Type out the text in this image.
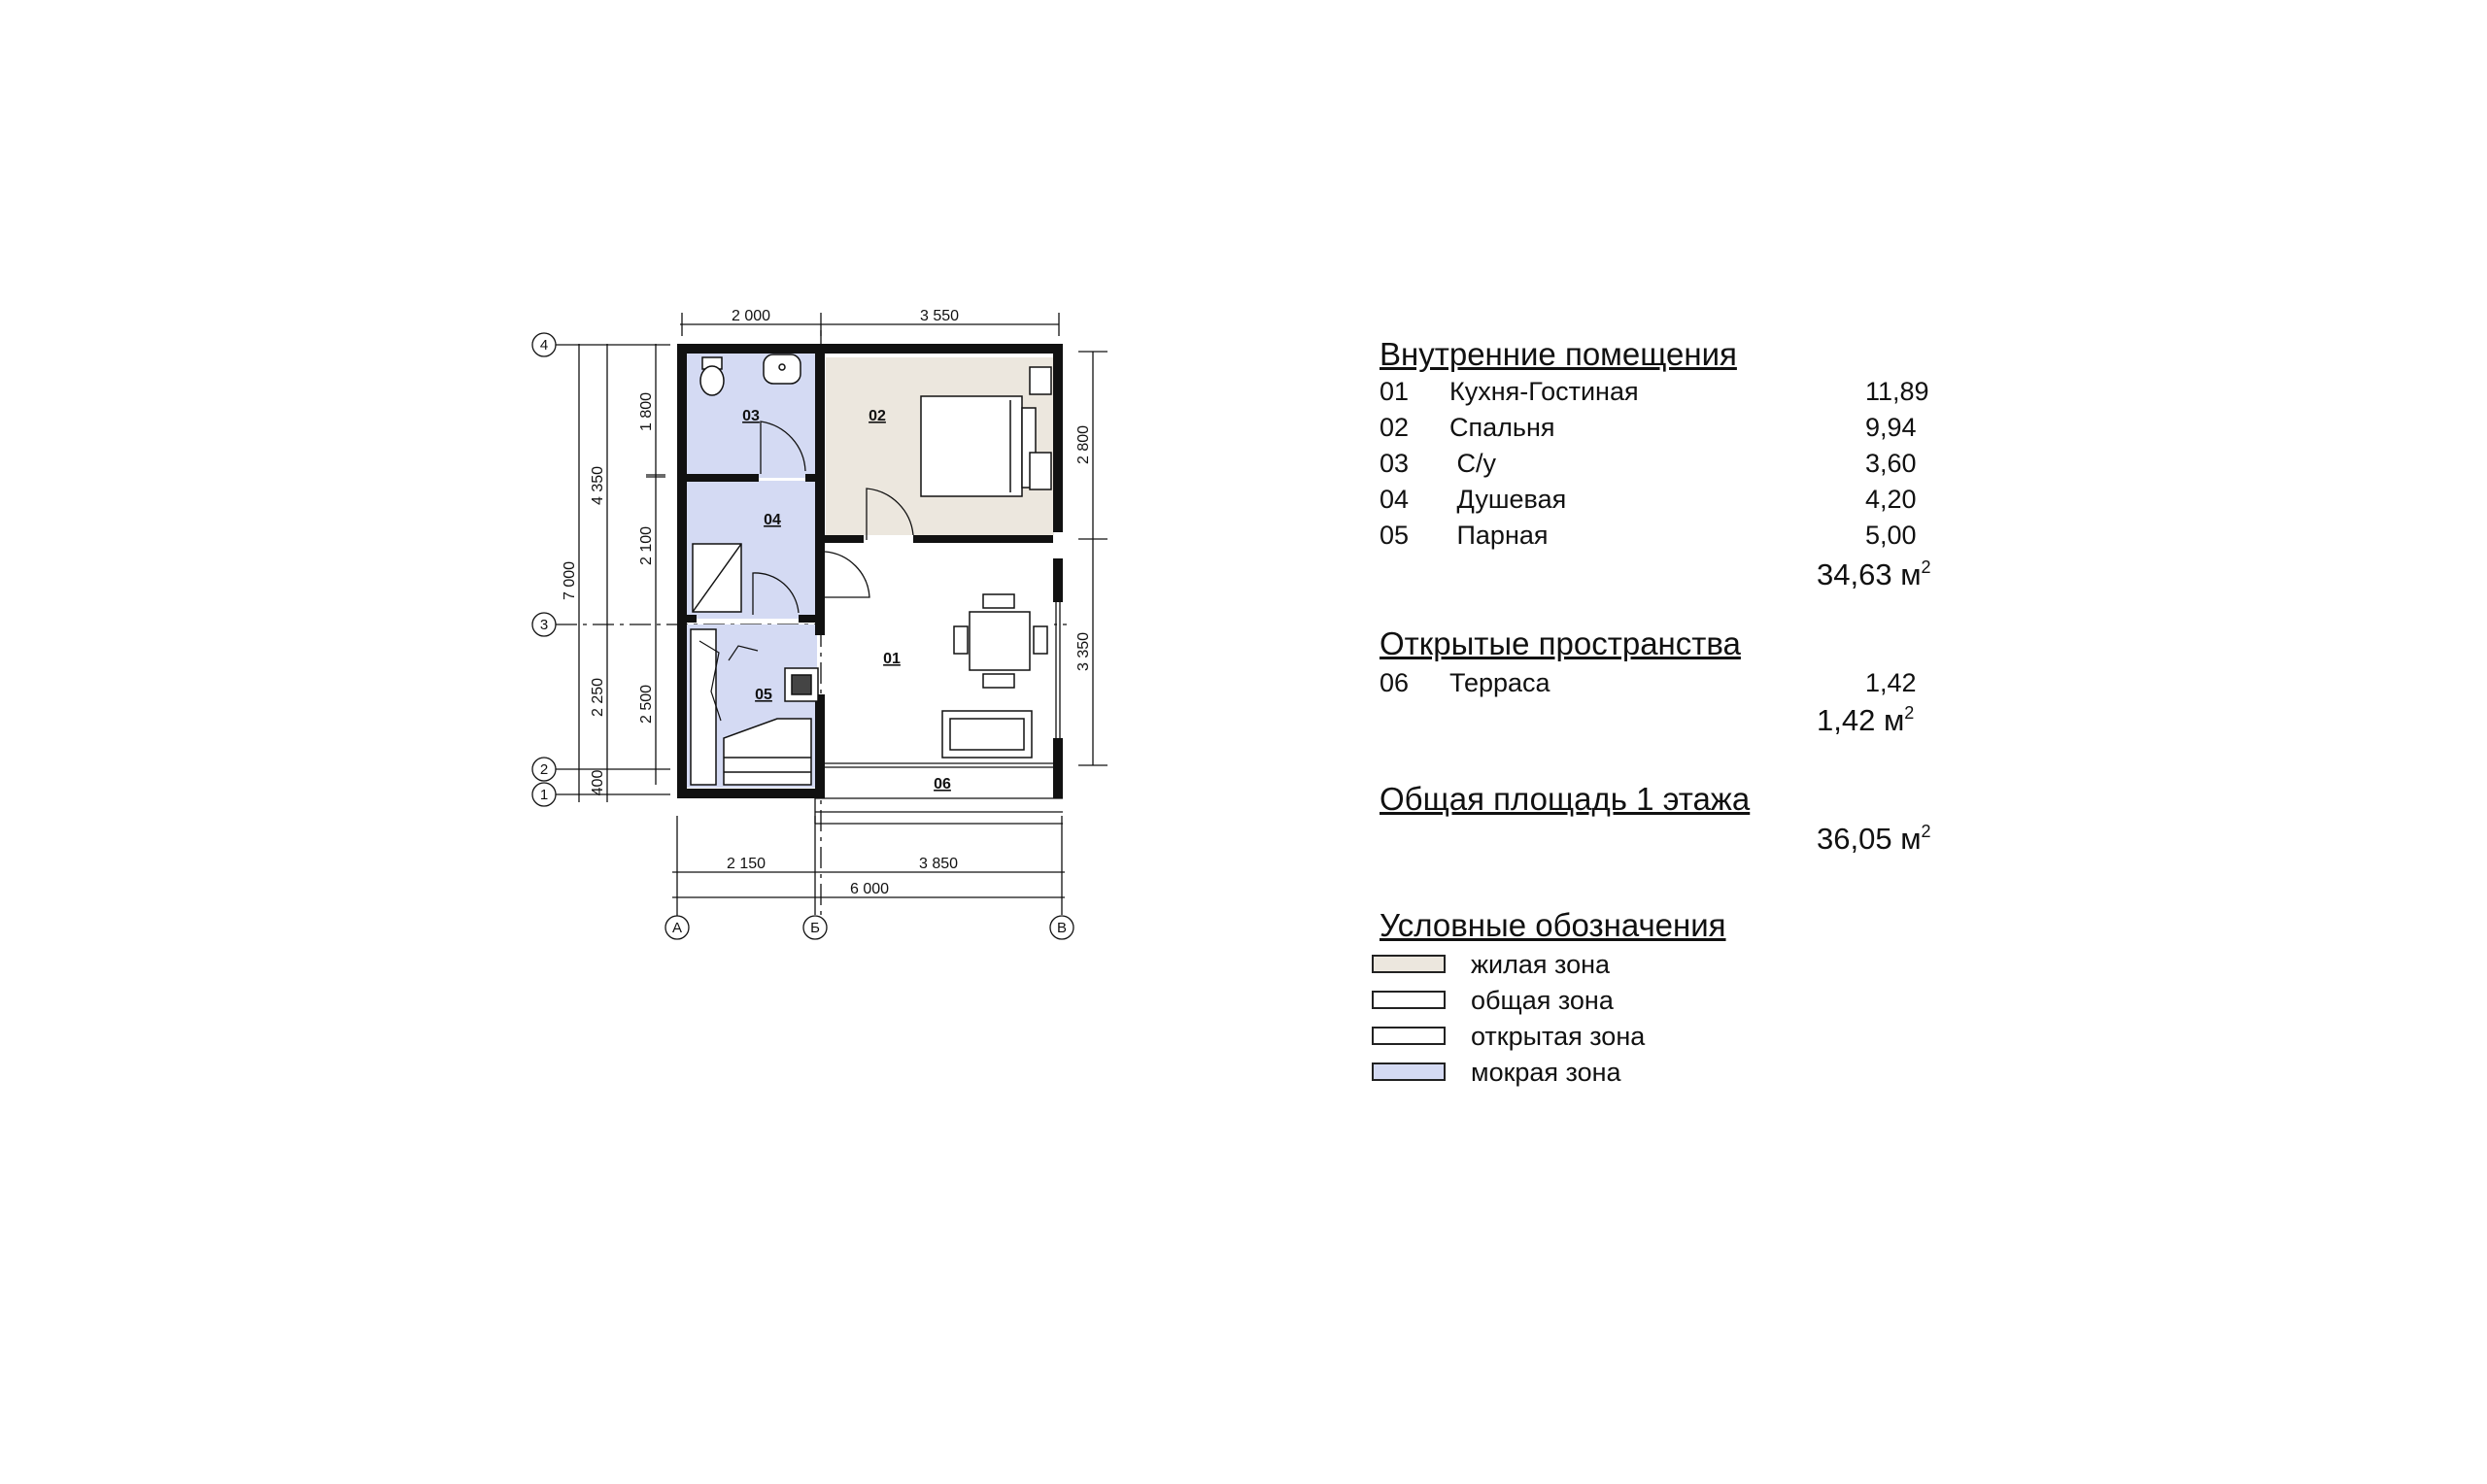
4
3
2
1
А	Б	В
2 000	3 550
2 150	3 850
6 000
7 000
4 350
2 250
400
1 800
2 100
2 500
2 800
3 350
01
02
03
04
05
06
Внутренние помещения
01 Кухня-Гостиная	11,89
02 Спальня	9,94
03 С/у	3,60
04 Душевая	4,20
05 Парная	5,00
34,63 $м^2$
Открытые пространства
06 Терраса	1,42
1,42 $м^2$
Общая площадь 1 этажа
36,05 $м^2$
Условные обозначения
жилая зона
общая зона
открытая зона
мокрая зона
